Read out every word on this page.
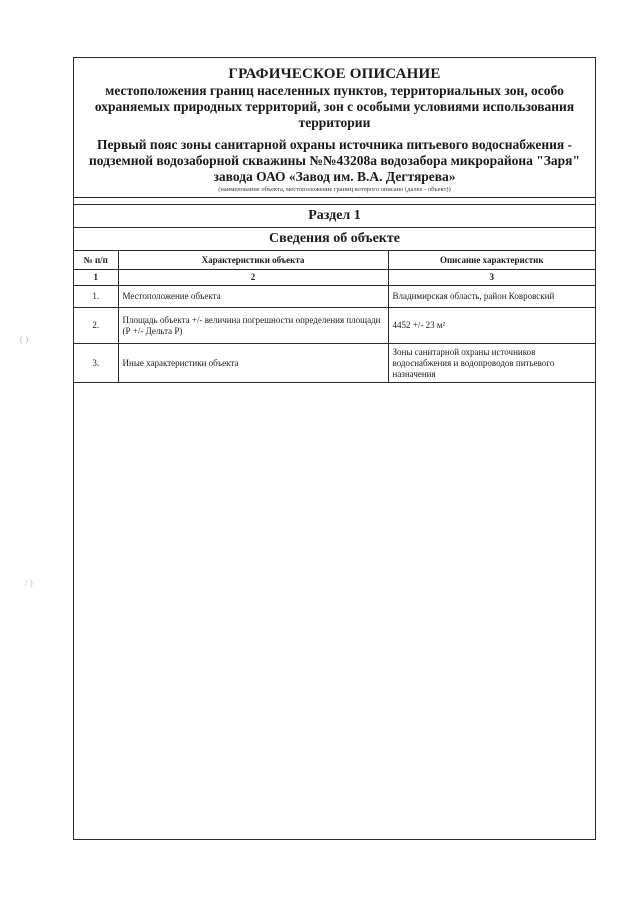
( )
/ )
ГРАФИЧЕСКОЕ ОПИСАНИЕ
местоположения границ населенных пунктов, территориальных зон, особо охраняемых природных территорий, зон с особыми условиями использования территории
Первый пояс зоны санитарной охраны источника питьевого водоснабжения - подземной водозаборной скважины №№43208а водозабора микрорайона "Заря" завода ОАО «Завод им. В.А. Дегтярева»
(наименование объекта, местоположение границ которого описано (далее - объект))
Раздел 1
Сведения об объекте
№ п/п	Характеристики объекта	Описание характеристик
1	2	3
1.	Местоположение объекта	Владимирская область, район Ковровский
2.	Площадь объекта +/- величина погрешности определения площади (Р +/- Дельта Р)	4452 +/- 23 м²
3.	Иные характеристики объекта	Зоны санитарной охраны источников водоснабжения и водопроводов питьевого назначения
